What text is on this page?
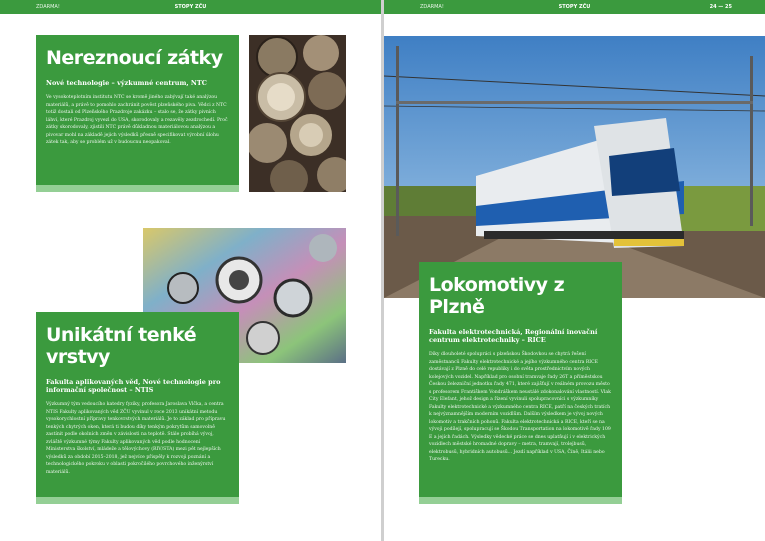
ZDARMA!	STOPY ZČU
Nereznoucí zátky
Nové technologie – výzkumné centrum, NTC

Ve vysokoteplotním institutu NTC se kromě jiného zabývají také analýzou materiálů, a právě to pomohlo zachránit pověst plzeňského piva. Vědci z NTC totiž dostali od Plzeňského Prazdroje zakázku – stalo se, že zátky pivních láhví, které Prazdroj vyvezl do USA, skorodovaly a rezavěly zezdrochedí. Proč zátky skorodovaly, zjistili NTC právě důkladnou materiálovou analýzou a pivovar mohl na základě jejich výsledků přesně specifikovat výrobní úlohu zátek tak, aby se problém už v budoucnu neopakoval.

Unikátní tenké vrstvy
Fakulta aplikovaných věd, Nové technologie pro informační společnost – NTIS

Výzkumný tým vedoucího katedry fyziky, profesora Jaroslava Vlčka, a centra NTIS Fakulty aplikovaných věd ZČU vyvinul v roce 2013 unikátní metodu vysokorychlostní přípravy tenkovrstvých materiálů. Je to základ pro přípravu tenkých chytrých oken, která ti budou díky tenkým pokrytům samovolně zastínit podle okolních změn v závislosti na teplotě. Stále probíhá vývoj, zvláště výzkumné týmy Fakulty aplikovaných věd podle hodnocení Ministerstva školství, mládeže a tělovýchovy (RIV/STA) mezi pět nejlepších výsledků za období 2015–2018, jež nejvíce přispěly k rozvoji poznání a technologického pokroku v oblasti pokročilého povrchového inženýrství materiálů.

ZDARMA!	STOPY ZČU	24 — 25
Lokomotivy z Plzně
Fakulta elektrotechnická, Regionální inovační centrum elektrotechniky – RICE

Díky dlouholeté spolupráci s plzeňskou Škodovkou se chytrá řešení zaměstnanců Fakulty elektrotechnické a jejího výzkumného centra RICE dostávají z Plzně do celé republiky i do světa prostřednictvím nových kolejových vozidel. Například pro osobní tramvaje řady 26T a příměstskou Českou železniční jednotku řady 471, které zajišťují v reálném provozu město s profesorem Františkem Vondráškem neustálé zdokonalování vlastností. Vlak City Elefant, jehož design a řízení vyvinuli spolupracovníci s výzkumníky Fakulty elektrotechnické a výzkumného centra RICE, patří na českých tratích k nejvýznamnějším moderním vozidlům. Dalším výsledkem je vývoj nových lokomotiv a trakčních pohonů. Fakulta elektrotechnická a RICE, kteří se na vývoji podílejí, spolupracují se Škodou Transportation na lokomotivě řady 109 E a jejích řadách. Výsledky vědecké práce se dnes uplatňují i v elektrických vozidlech městské hromadné dopravy – metra, tramvají, trolejbusů, elektrobusů, hybridních autobusů... Jezdí například v USA, Číně, Itálii nebo Turecku.
